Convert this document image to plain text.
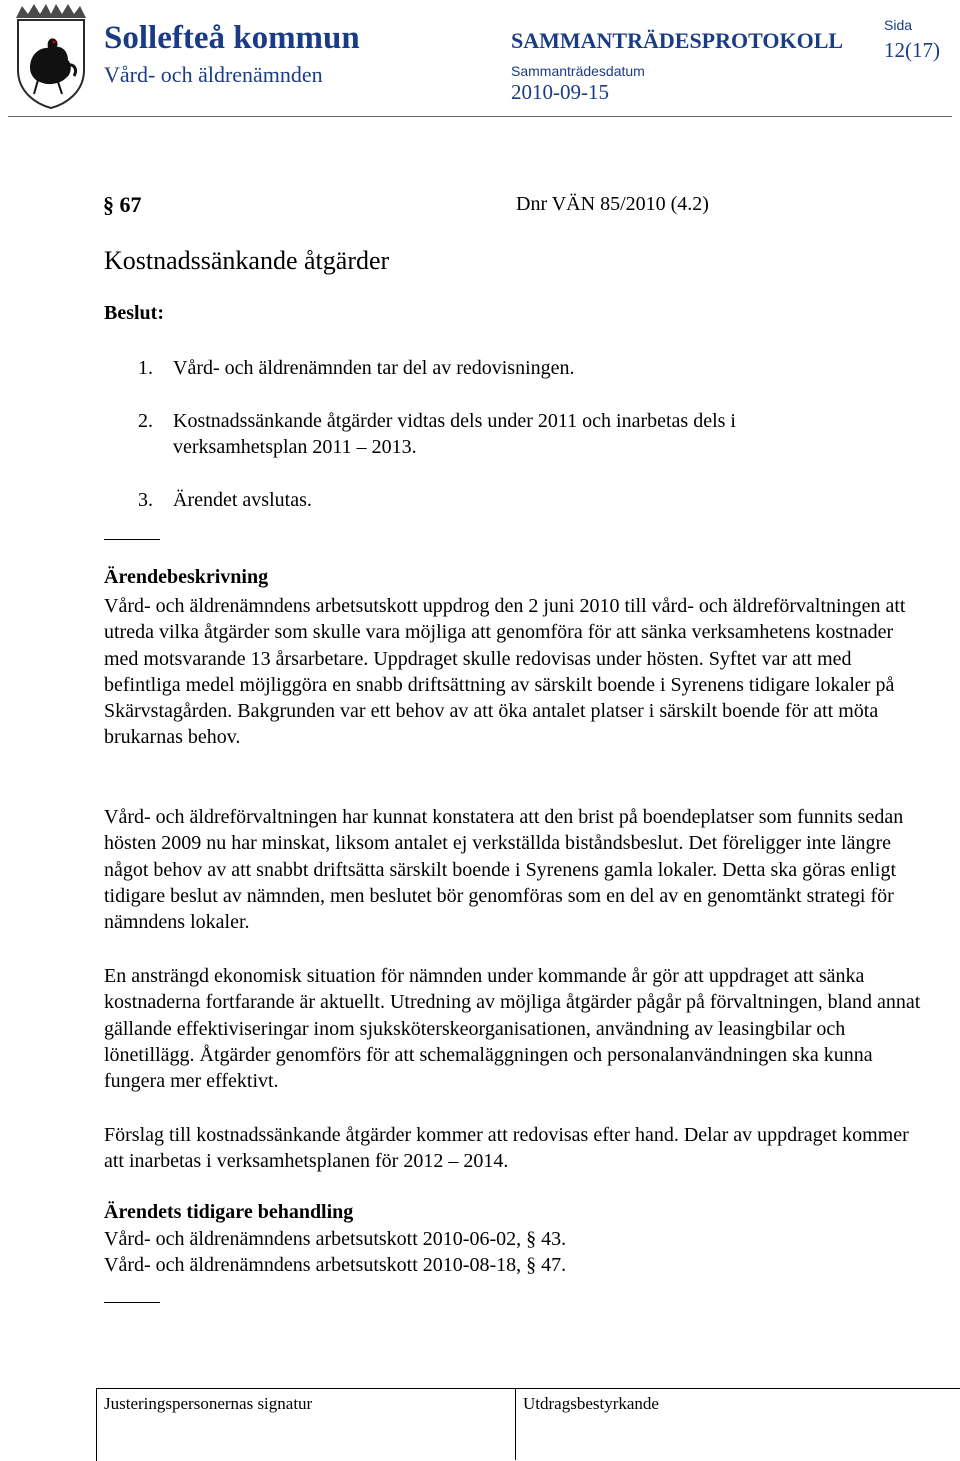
Sollefteå kommun
Vård- och äldrenämnden
SAMMANTRÄDESPROTOKOLL
Sammanträdesdatum
2010-09-15
Sida
12(17)
§ 67	Dnr VÄN 85/2010 (4.2)
Kostnadssänkande åtgärder
Beslut:
1. Vård- och äldrenämnden tar del av redovisningen.
2. Kostnadssänkande åtgärder vidtas dels under 2011 och inarbetas dels i verksamhetsplan 2011 – 2013.
3. Ärendet avslutas.
Ärendebeskrivning
Vård- och äldrenämndens arbetsutskott uppdrog den 2 juni 2010 till vård- och äldreförvaltningen att utreda vilka åtgärder som skulle vara möjliga att genomföra för att sänka verksamhetens kostnader med motsvarande 13 årsarbetare. Uppdraget skulle redovisas under hösten. Syftet var att med befintliga medel möjliggöra en snabb driftsättning av särskilt boende i Syrenens tidigare lokaler på Skärvstagården. Bakgrunden var ett behov av att öka antalet platser i särskilt boende för att möta brukarnas behov.
Vård- och äldreförvaltningen har kunnat konstatera att den brist på boendeplatser som funnits sedan hösten 2009 nu har minskat, liksom antalet ej verkställda biståndsbeslut. Det föreligger inte längre något behov av att snabbt driftsätta särskilt boende i Syrenens gamla lokaler. Detta ska göras enligt tidigare beslut av nämnden, men beslutet bör genomföras som en del av en genomtänkt strategi för nämndens lokaler.
En ansträngd ekonomisk situation för nämnden under kommande år gör att uppdraget att sänka kostnaderna fortfarande är aktuellt. Utredning av möjliga åtgärder pågår på förvaltningen, bland annat gällande effektiviseringar inom sjuksköterskeorganisationen, användning av leasingbilar och lönetillägg. Åtgärder genomförs för att schemaläggningen och personalanvändningen ska kunna fungera mer effektivt.
Förslag till kostnadssänkande åtgärder kommer att redovisas efter hand. Delar av uppdraget kommer att inarbetas i verksamhetsplanen för 2012 – 2014.
Ärendets tidigare behandling
Vård- och äldrenämndens arbetsutskott 2010-06-02, § 43.
Vård- och äldrenämndens arbetsutskott 2010-08-18, § 47.
Justeringspersonernas signatur	Utdragsbestyrkande
